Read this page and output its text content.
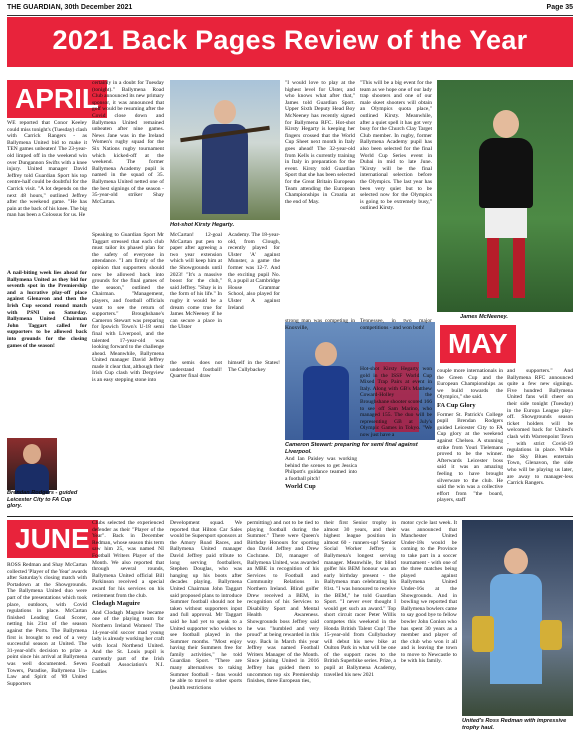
THE GUARDIAN, 30th December 2021	Page 35
2021 Back Pages Review of the Year
APRIL

WE reported that Conor Keeley could miss tonight's (Tuesday) clash with Carrick Rangers - as Ballymena United bid to make it TEN games unbeaten! The 23-year-old limped off in the weekend win over Dungannon Swifts with a knee injury. United manager David Jeffrey told Guardian Sport his top centre-half could be doubtful for the Carrick visit. "A lot depends on the next 48 hours," outlined Jeffrey after the weekend game. "He has pain at the back of his knee. The big man has been a Colossus for us. He

A nail-biting week lies ahead for Ballymena United as they bid for seventh spot in the Premiership and a lucrative play-off place against Glenavon and then the Irish Cup second round match with PSNI on Saturday. Ballymena United Chairman John Taggart called for supporters to be allowed back into grounds for the closing games of the season!

Brendan Rodgers - guided Leicester City to FA Cup glory.

certainly in a doubt for Tuesday (tonight)." Ballymena Road Club announced its new primary sponsor, it was announced that golf would be resuming after the Covid close down and Ballymena United remained unbeaten after nine games. News Jane was in the Ireland Women's rugby squad for the Six Nations rugby tournament which kicked-off at the weekend. The former Ballymena Academy pupil is named in the squad of 35. Ballymena United netted one of the best signings of the season - 35-year-old striker Shay McCartan.

Speaking to Guardian Sport Mr Taggart stressed that each club must tailor its phased plan for the safety of everyone in attendance. "I am firmly of the opinion that supporters should now be allowed back into grounds for the final games of the season," outlined the Chairman. "Management, players, and football officials want to see the return of supporters." Broughshane's Cameron Stewart was preparing for Ipswich Town's U-18 semi final with Liverpool, and the talented 17-year-old was looking forward to the challenge ahead. Meanwhile, Ballymena United manager David Jeffrey made it clear that, although their Irish Cup clash with Dergview is an easy stepping stone into

Hot-shot Kirsty Hegarty.

McCartan! 12-goal McCartan put pen to paper after agreeing a two year extension which will keep him at the Showgrounds until 2023! "It's a massive boost for the club," said Jeffrey. "Shay is in the form of his life." In rugby it would be a dream come true for James McNeeney if he can secure a place in the Ulster

Academy. The 18-year-old, from Clough, recently played for Ulster 'A' against Munster, a game the former was 12-7. And the exciting pupil No. 8, a pupil at Cambridge House Grammar School, also played for Ulster A against Ireland

"I would love to play at the highest level for Ulster, and who knows what after that," James told Guardian Sport. Upper Sixth Deputy Head Boy McNeeney has recently signed for Ballymena RFC. Hot-shot Kirsty Hegarty is keeping her fingers crossed that the World Cup Sheet next month in Italy goes ahead! The 32-year-old from Kells is currently training in Italy in preparation for the event. Kirsty told Guardian Sport that she has been selected for the Great Britain European Team attending the European Championships in Croatia at the end of May.

"This will be a big event for the team as we hope one of our lady trap shooters and one of our male skeet shooters will obtain an Olympics quota place," outlined Kirsty. Meanwhile, after a quiet spell it has got very busy for the Church Clay Target Club member. In rugby, former Ballymena Academy pupil has also been selected for the final World Cup Series event in Dubai in mid to late June. "Kirsty will be the final international selection before the Olympics. The last year has been very quiet but to be selected now for the Olympics is going to be extremely busy," outlined Kirsty.

James McNeeney.
Cameron Stewart: preparing for semi final against Liverpool.

the semis does not understand football! Quarter final draw

himself in the States! The Cullybackey

strong man was competing in Knoxville,

Tennessee, in two major competitions - and won both!

MAY

And Ian Paisley was working behind the scenes to get Jessica Philpott's guidance teamed into a football pitch!

World Cup

Hot-shot Kirsty Hegarty won gold in the ISSF World Cup Mixed Trap Pairs at event in Italy. Along with GB's Matthew Coward-Holley the Broughshane shooter scored 166 to see off Sam Marino, who managed 155. The duo will be representing GB at July's Olympic Games in Tokyo. "We now just have a

couple more internationals in the Green Cup and the European Championships as we build towards the Olympics," she said.

FA Cup Glory

Former St. Patrick's College pupil Brendan Rodgers guided Leicester City to FA Cup glory at the weekend against Chelsea. A stunning strike from Youri Tielemans proved to be the winner. Afterwards Leicester boss said it was an amazing feeling to have brought silverware to the club. He said the win was a collective effort from "the board, players, staff

and supporters." And Ballymena RFC announced quite a few new signings. Five hundred Ballymena United fans will cheer on their side tonight (Tuesday) in the Europa League play-off. Showgrounds season ticket holders will be welcomed back for United's clash with Warrenpoint Town - with strict Covid-19 regulations in place. While the Sky Blues entertain Town, Glenavon, the side who will be playing us later, are away to manager-less Carrick Rangers.

JUNE

ROSS Redman and Shay McCartan collected 'Player of the Year' awards after Saturday's closing match with Portadown at the Showgrounds. The Ballymena United duo were part of the presentations which took place, outdoors, with Covid regulations in place. McCartan finished Leading Goal Scorer, netting his 21st of the season against the Ports. The Ballymena first is brought to end of a very successful season at United. The 31-year-old's decision to prize a point since his arrival at Ballymena was well documented. Seven Towers, Paradise, Ballymena Un-Law and Spirit of '89 United Supporters

Clubs selected the experienced defender as their "Player of the Year". Back in December Redman, whose season this term saw him 25, was named NI Football Writers Player of the Month. We also reported that through several rounds, Ballymena United official Bill Parkinson received a special award for his services on his retirement from the club.

Clodagh Maguire

And Clodagh Maguire became one of the playing team for Northern Ireland Women! The 14-year-old soccer mad young lady is already working her craft with local Northend United. And the St. Louis pupil is currently part of the Irish Football Association's N.I. Ladies

Development squad. We reported that Hilton Car Sales would be Supersport sponsors at the Amory Road Races, and Ballymena United manager David Jeffrey paid tribute to long serving footballers, Stephen Douglas, who was hanging up his boots after decades playing. Ballymena United Chairman John Taggart said proposed plans to introduce Summer football should not be taken without supporters input and full approval. Mr Taggart said he had yet to speak to a United supporter who wishes to see football played in the Summer months. "Most enjoy having their Summers free for family activities," he told Guardian Sport. "There are many alternatives to taking Summer football - fans would be able to travel to other sports (health restrictions

permitting) and not to be tied to playing football during the Summer." There were Queen's Birthday Honours for sporting duo David Jeffrey and Drew Cochrane. DJ, manager of Ballymena United, was awarded an MBE in recognition of his Services to Football and Community Relations in Northern Ireland. Blind golfer Drew received a BEM, in recognition of his Services to Disability Sport and Mental Health Awareness. Showgrounds boss Jeffrey said he was "humbled and very proud" at being rewarded in this way. Back in March this year Jeffrey was named Football Writers Manager of the Month. Since joining United in 2016 Jeffrey has guided them to uncommon top six Premiership finishes, three European ties,

their first Senior trophy in almost 30 years, and their highest league position in almost 60 - runners-up! 'Senior Social Worker Jeffrey is Ballymena's longest serving manager. Meanwhile, for blind golfer his BEM honour was an early birthday present - the Ballymena man celebrating his 81st. "I was honoured to receive the BEM," he told Guardian Sport. "I never ever thought I would get such an award." Top short circuit racer Peter Willis competes this weekend in the Honda British Talent Cup! The 15-year-old from Cullybackey will debut his new bike at Oulton Park in what will be one of the support races to the British Superbike series. Prize, a pupil at Ballymena Academy, travelled his new 2021

motor cycle last week. It was announced that Manchester United Under-18s would be coming to the Province to take part in a soccer tournament - with one of the three matches being played against Ballymena United Under-16s at the Showgrounds. And in bowling we reported that Ballymena bowlers came to say good bye to fellow bowler John Conlon who has spent 30 years as a member and player of the club who won it all and is leaving the town to move to Newcastle to be with his family.

United's Ross Redman with impressive trophy haul.
